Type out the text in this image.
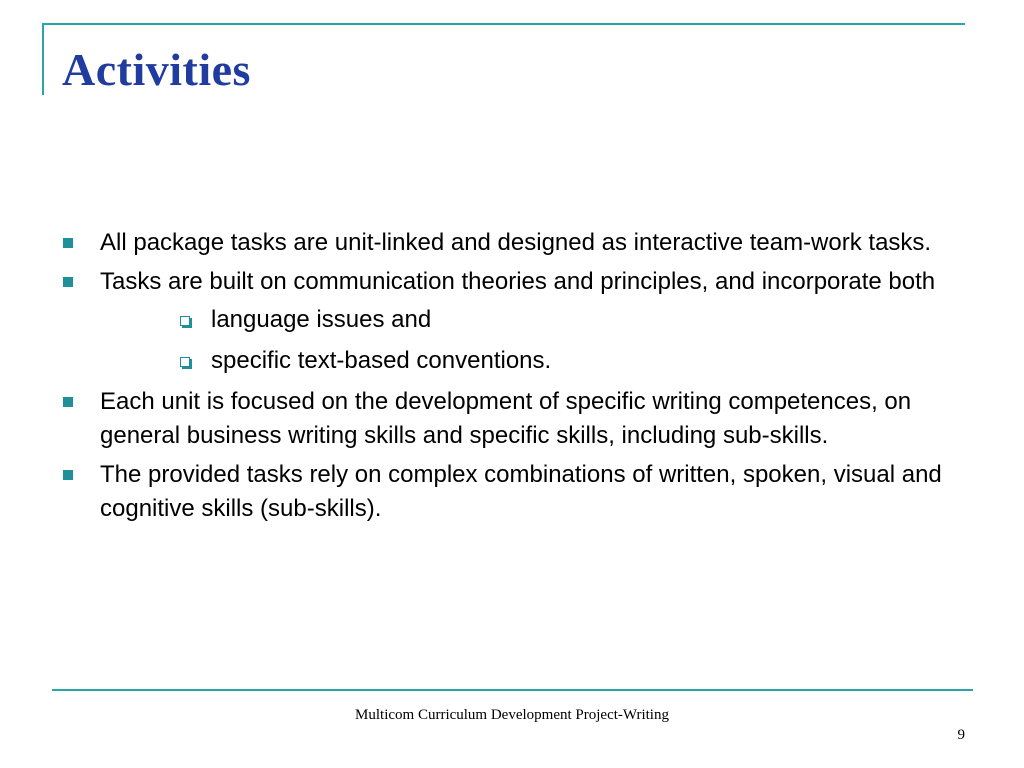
Activities
All package tasks are unit-linked and designed as interactive team-work tasks.
Tasks are built on communication theories and principles, and incorporate both
language issues and
specific text-based conventions.
Each unit is focused on the development of specific writing competences, on general business writing skills and specific skills, including sub-skills.
The provided tasks rely on complex combinations of written, spoken, visual and cognitive skills (sub-skills).

Multicom Curriculum Development Project-Writing

9
